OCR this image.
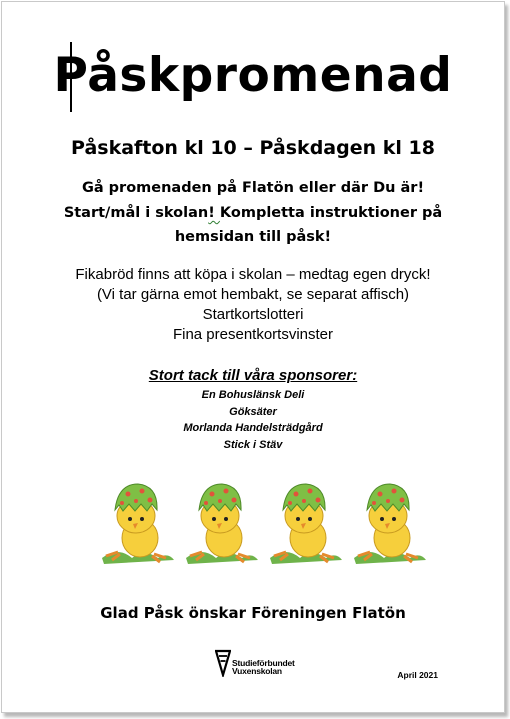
Påskpromenad
Påskafton kl 10 – Påskdagen kl 18
Gå promenaden på Flatön eller där Du är!
Start/mål i skolan! Kompletta instruktioner på
hemsidan till påsk!
Fikabröd finns att köpa i skolan – medtag egen dryck!
(Vi tar gärna emot hembakt, se separat affisch)
Startkortslotteri
Fina presentkortsvinster
Stort tack till våra sponsorer:
En Bohuslänsk Deli
Göksäter
Morlanda Handelsträdgård
Stick i Stäv
Glad Påsk önskar Föreningen Flatön
Studieförbundet
Vuxenskolan	April 2021
